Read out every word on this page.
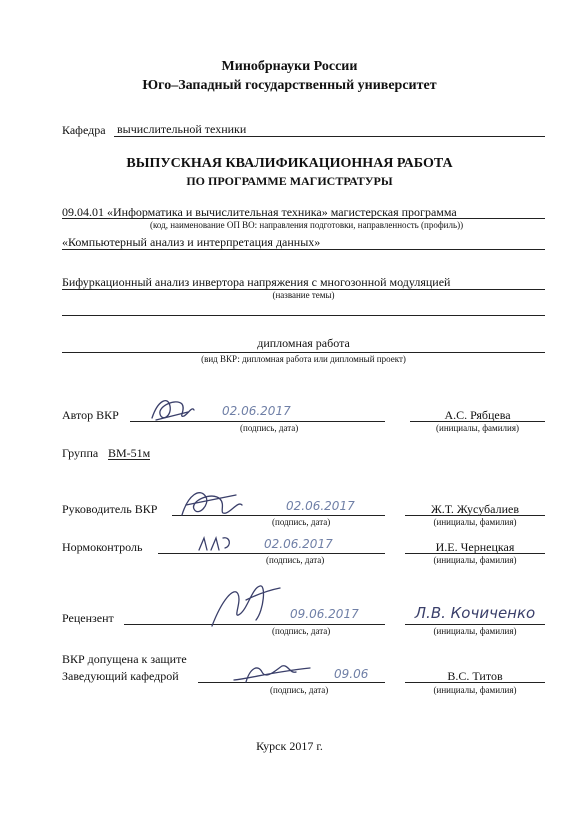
Минобрнауки России
Юго–Западный государственный университет
Кафедра вычислительной техники
ВЫПУСКНАЯ КВАЛИФИКАЦИОННАЯ РАБОТА
ПО ПРОГРАММЕ МАГИСТРАТУРЫ
09.04.01 «Информатика и вычислительная техника» магистерская программа
(код, наименование ОП ВО: направления подготовки, направленность (профиль))
«Компьютерный анализ и интерпретация данных»
Бифуркационный анализ инвертора напряжения с многозонной модуляцией
(название темы)
дипломная работа
(вид ВКР: дипломная работа или дипломный проект)
Автор ВКР	02.06.2017
(подпись, дата)
А.С. Рябцева
(инициалы, фамилия)
Группа ВМ-51м
Руководитель ВКР	02.06.2017
(подпись, дата)
Ж.Т. Жусубалиев
(инициалы, фамилия)
Нормоконтроль	02.06.2017
(подпись, дата)
И.Е. Чернецкая
(инициалы, фамилия)
Рецензент	09.06.2017
(подпись, дата)
Л.В. Кочиченко
(инициалы, фамилия)
ВКР допущена к защите
Заведующий кафедрой	09.06
(подпись, дата)
В.С. Титов
(инициалы, фамилия)
Курск 2017 г.
